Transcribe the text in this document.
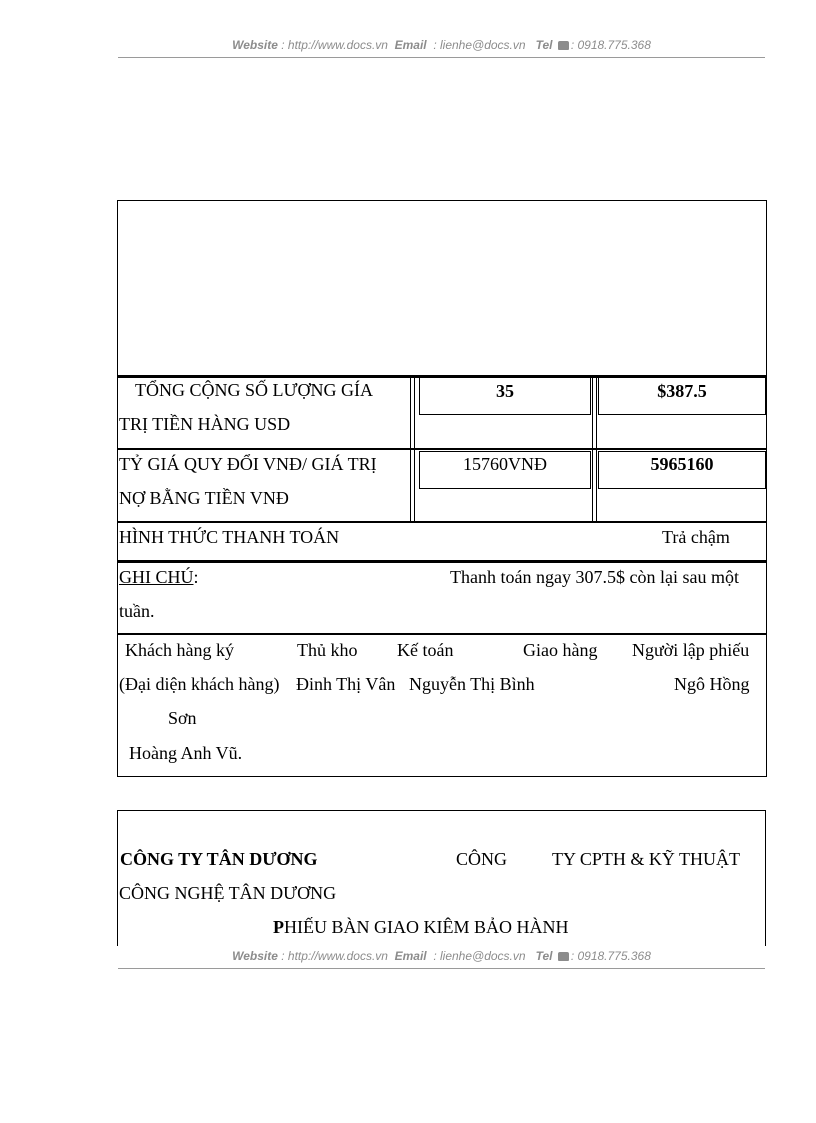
Website : http://www.docs.vn Email : lienhe@docs.vn Tel : 0918.775.368
TỔNG CỘNG SỐ LƯỢNG GÍA
TRỊ TIỀN HÀNG USD
35	$387.5
TỶ GIÁ QUY ĐỔI VNĐ/ GIÁ TRỊ
NỢ BẰNG TIỀN VNĐ
15760VNĐ	5965160
HÌNH THỨC THANH TOÁN	Trả chậm
GHI CHÚ:	Thanh toán ngay 307.5$ còn lại sau một
tuần.
Khách hàng ký	Thủ kho Kế toán	Giao hàng Người lập phiếu
(Đại diện khách hàng) Đinh Thị Vân Nguyễn Thị Bình	Ngô Hồng
Sơn
Hoàng Anh Vũ.
CÔNG TY TÂN DƯƠNG	CÔNG TY CPTH & KỸ THUẬT
CÔNG NGHỆ TÂN DƯƠNG
PHIẾU BÀN GIAO KIÊM BẢO HÀNH
Website : http://www.docs.vn Email : lienhe@docs.vn Tel : 0918.775.368
